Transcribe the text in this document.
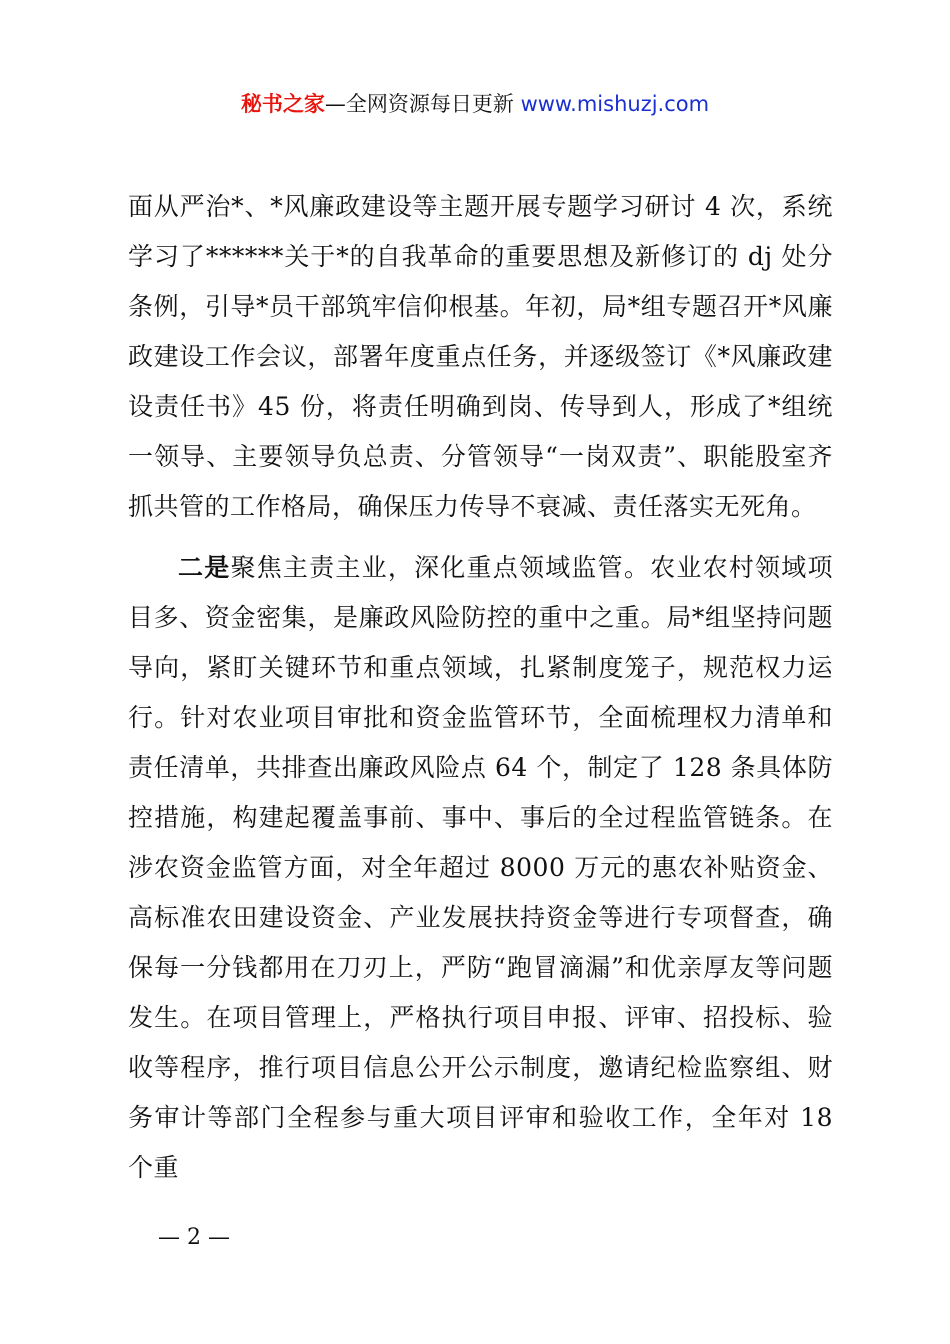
秘书之家—全网资源每日更新 www.mishuzj.com

面从严治*、*风廉政建设等主题开展专题学习研讨 4 次，系统学习了******关于*的自我革命的重要思想及新修订的 dj 处分条例，引导*员干部筑牢信仰根基。年初，局*组专题召开*风廉政建设工作会议，部署年度重点任务，并逐级签订《*风廉政建设责任书》45 份，将责任明确到岗、传导到人，形成了*组统一领导、主要领导负总责、分管领导“一岗双责”、职能股室齐抓共管的工作格局，确保压力传导不衰减、责任落实无死角。

二是聚焦主责主业，深化重点领域监管。农业农村领域项目多、资金密集，是廉政风险防控的重中之重。局*组坚持问题导向，紧盯关键环节和重点领域，扎紧制度笼子，规范权力运行。针对农业项目审批和资金监管环节，全面梳理权力清单和责任清单，共排查出廉政风险点 64 个，制定了 128 条具体防控措施，构建起覆盖事前、事中、事后的全过程监管链条。在涉农资金监管方面，对全年超过 8000 万元的惠农补贴资金、高标准农田建设资金、产业发展扶持资金等进行专项督查，确保每一分钱都用在刀刃上，严防“跑冒滴漏”和优亲厚友等问题发生。在项目管理上，严格执行项目申报、评审、招投标、验收等程序，推行项目信息公开公示制度，邀请纪检监察组、财务审计等部门全程参与重大项目评审和验收工作，全年对 18 个重

— 2 —
